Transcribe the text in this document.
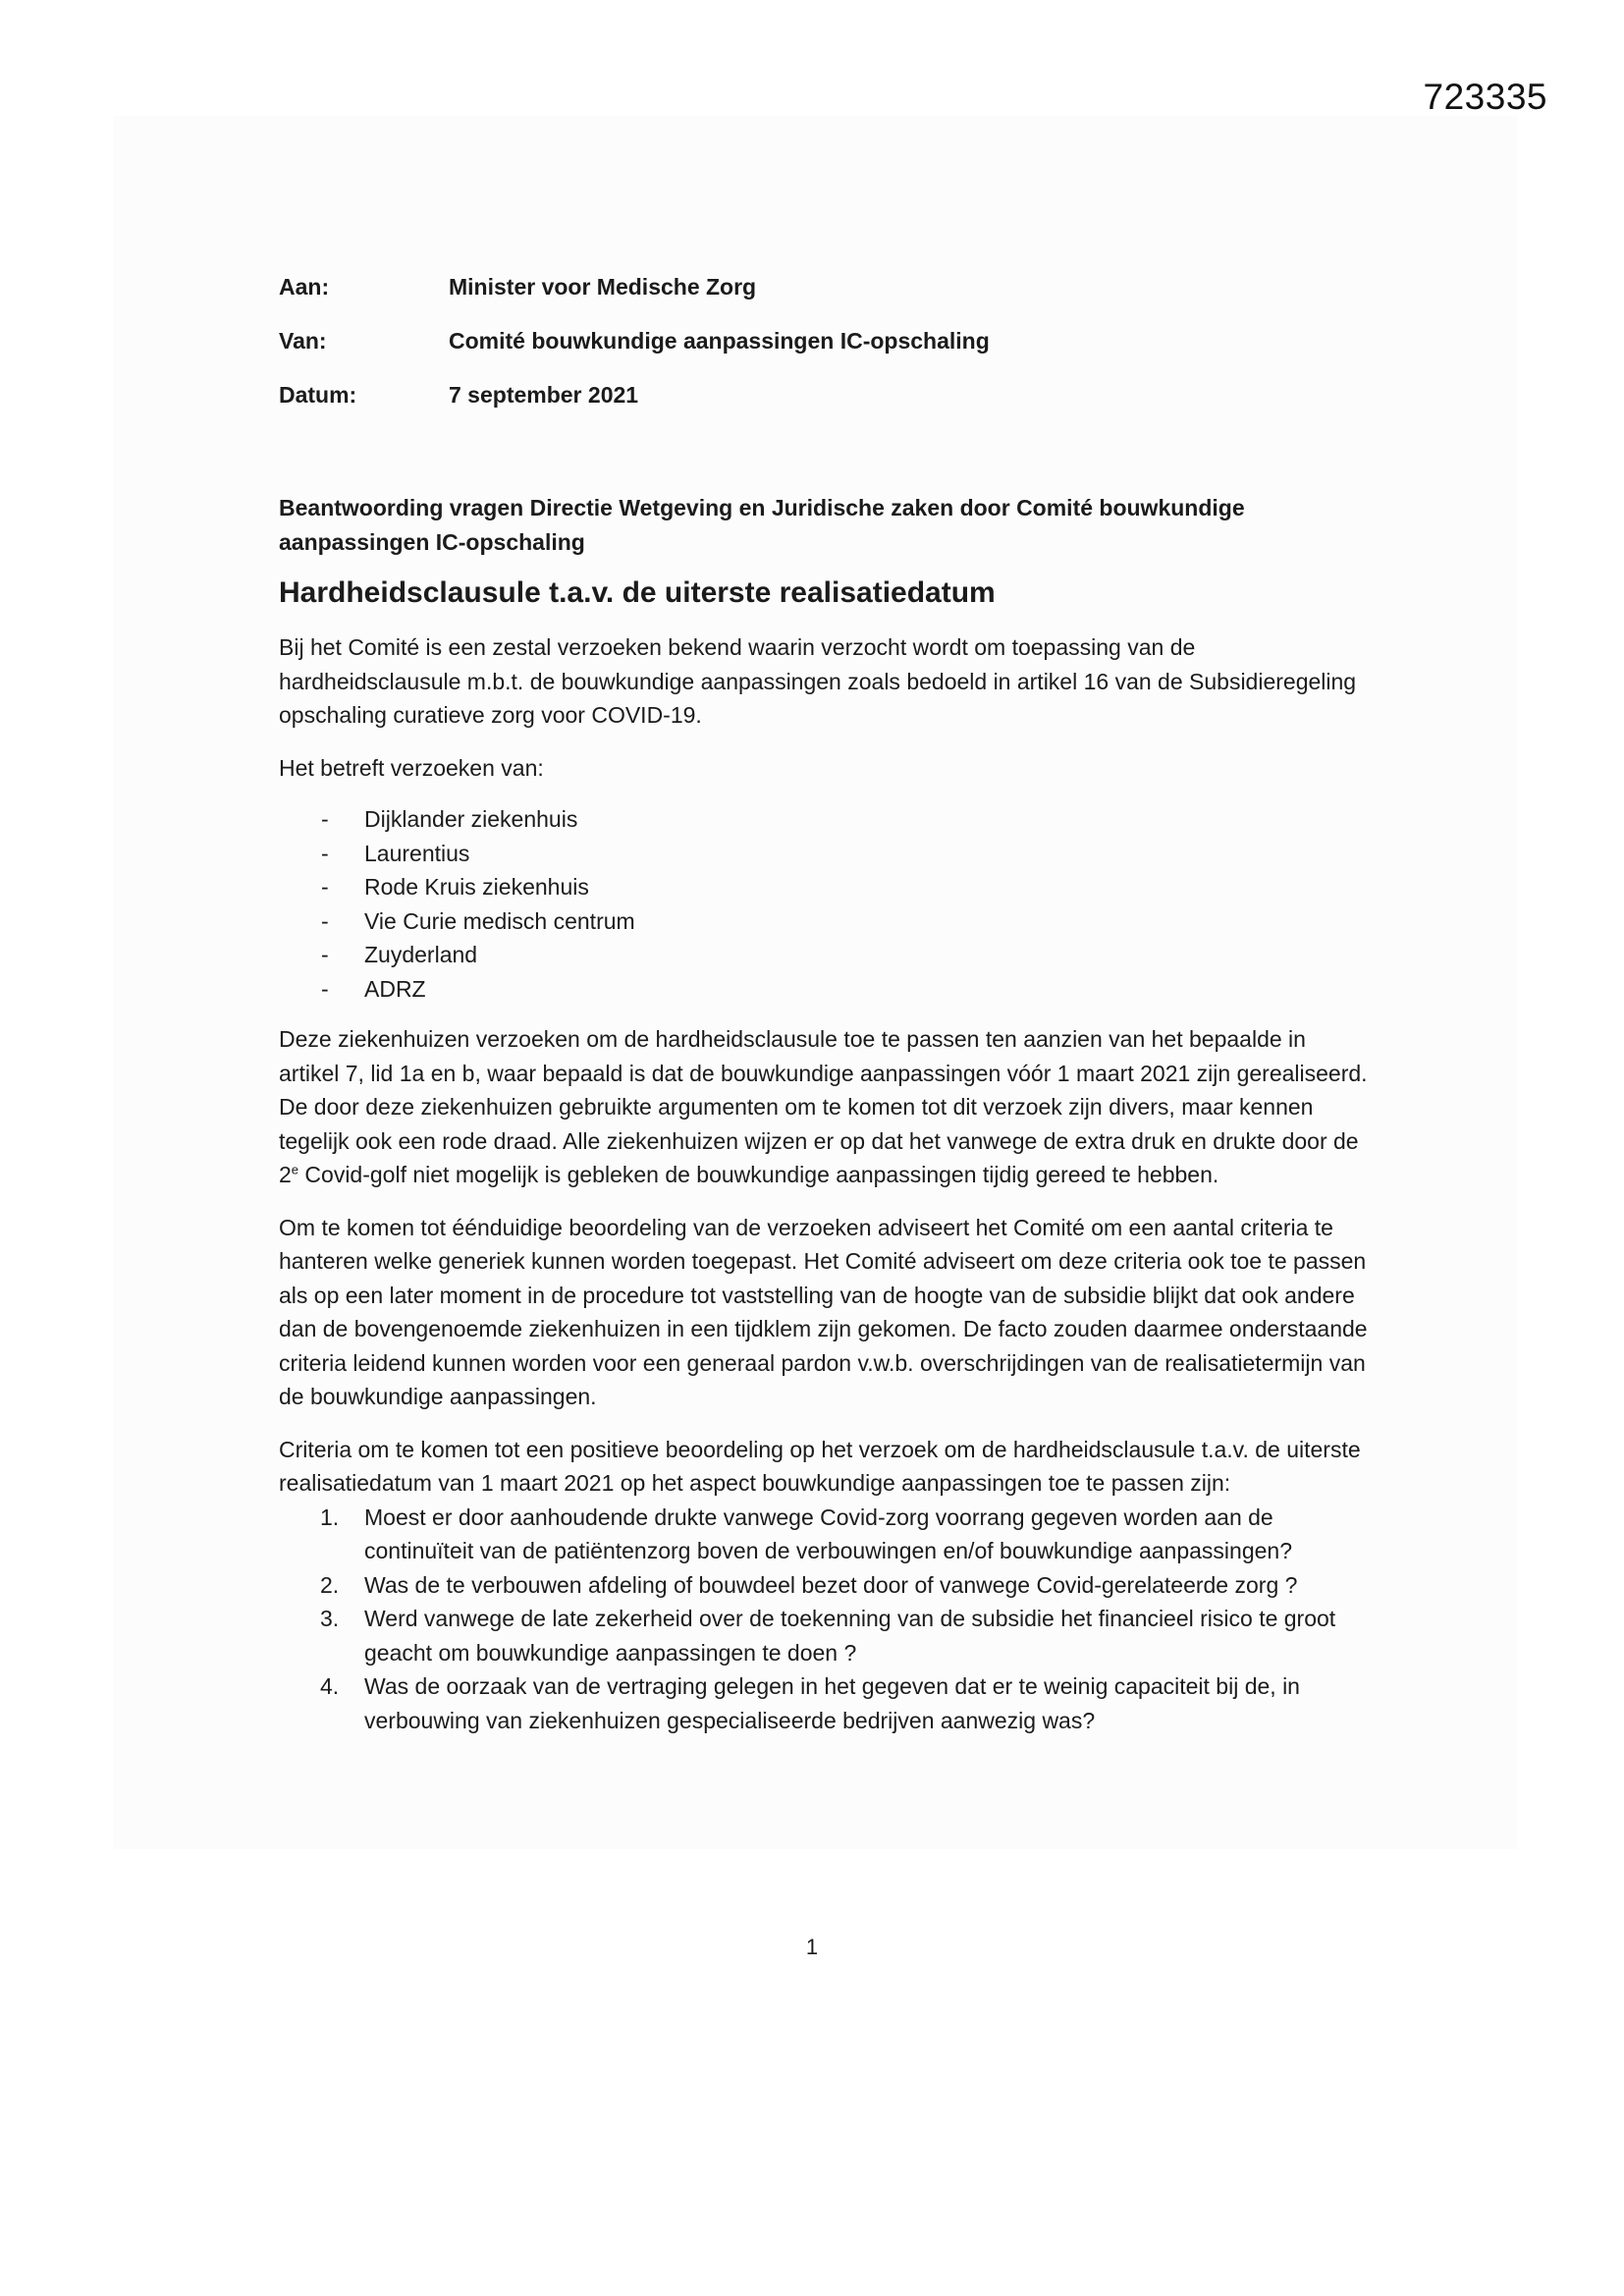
723335
Aan:	Minister voor Medische Zorg
Van:	Comité bouwkundige aanpassingen IC-opschaling
Datum:	7 september 2021
Beantwoording vragen Directie Wetgeving en Juridische zaken door Comité bouwkundige aanpassingen IC-opschaling
Hardheidsclausule t.a.v. de uiterste realisatiedatum

Bij het Comité is een zestal verzoeken bekend waarin verzocht wordt om toepassing van de hardheidsclausule m.b.t. de bouwkundige aanpassingen zoals bedoeld in artikel 16 van de Subsidieregeling opschaling curatieve zorg voor COVID-19.

Het betreft verzoeken van:

-	Dijklander ziekenhuis
-	Laurentius
-	Rode Kruis ziekenhuis
-	Vie Curie medisch centrum
-	Zuyderland
-	ADRZ

Deze ziekenhuizen verzoeken om de hardheidsclausule toe te passen ten aanzien van het bepaalde in artikel 7, lid 1a en b, waar bepaald is dat de bouwkundige aanpassingen vóór 1 maart 2021 zijn gerealiseerd. De door deze ziekenhuizen gebruikte argumenten om te komen tot dit verzoek zijn divers, maar kennen tegelijk ook een rode draad. Alle ziekenhuizen wijzen er op dat het vanwege de extra druk en drukte door de 2e Covid-golf niet mogelijk is gebleken de bouwkundige aanpassingen tijdig gereed te hebben.

Om te komen tot éénduidige beoordeling van de verzoeken adviseert het Comité om een aantal criteria te hanteren welke generiek kunnen worden toegepast. Het Comité adviseert om deze criteria ook toe te passen als op een later moment in de procedure tot vaststelling van de hoogte van de subsidie blijkt dat ook andere dan de bovengenoemde ziekenhuizen in een tijdklem zijn gekomen. De facto zouden daarmee onderstaande criteria leidend kunnen worden voor een generaal pardon v.w.b. overschrijdingen van de realisatietermijn van de bouwkundige aanpassingen.

Criteria om te komen tot een positieve beoordeling op het verzoek om de hardheidsclausule t.a.v. de uiterste realisatiedatum van 1 maart 2021 op het aspect bouwkundige aanpassingen toe te passen zijn:

1.	Moest er door aanhoudende drukte vanwege Covid-zorg voorrang gegeven worden aan de continuïteit van de patiëntenzorg boven de verbouwingen en/of bouwkundige aanpassingen?
2.	Was de te verbouwen afdeling of bouwdeel bezet door of vanwege Covid-gerelateerde zorg ?
3.	Werd vanwege de late zekerheid over de toekenning van de subsidie het financieel risico te groot geacht om bouwkundige aanpassingen te doen ?
4.	Was de oorzaak van de vertraging gelegen in het gegeven dat er te weinig capaciteit bij de, in verbouwing van ziekenhuizen gespecialiseerde bedrijven aanwezig was?
1
